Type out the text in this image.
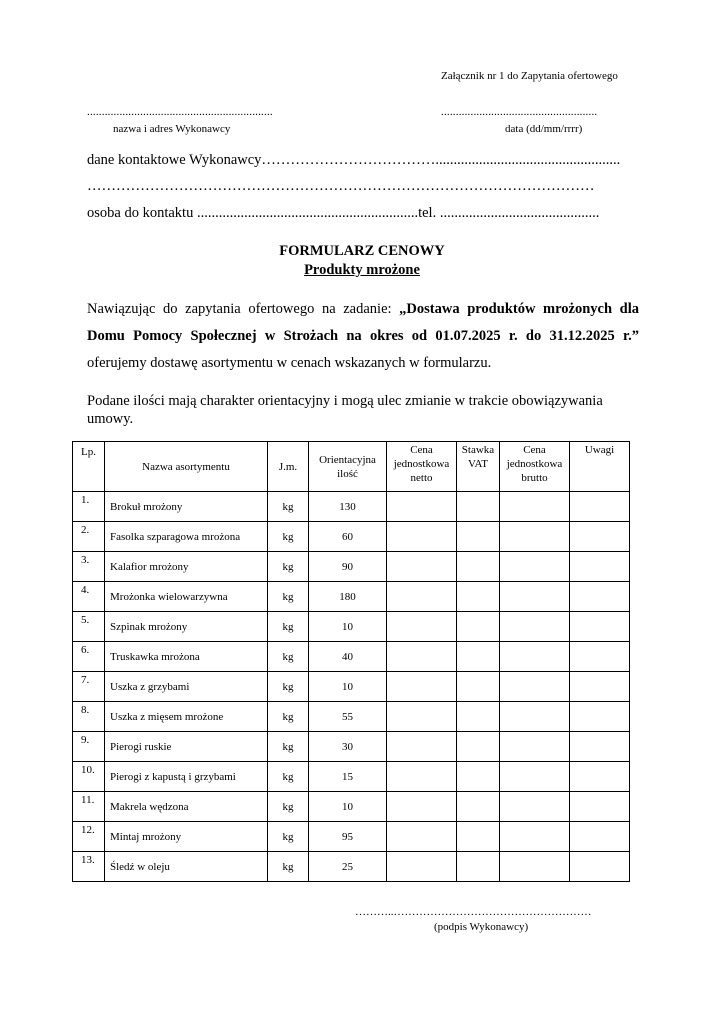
Załącznik nr 1 do Zapytania ofertowego
...............................................................	.....................................................
nazwa i adres Wykonawcy	data (dd/mm/rrrr)
dane kontaktowe Wykonawcy………………………………...................................................
……………………………………………………………………………………………
osoba do kontaktu .............................................................tel. ............................................
FORMULARZ CENOWY
Produkty mrożone
Nawiązując do zapytania ofertowego na zadanie: „Dostawa produktów mrożonych dla Domu Pomocy Społecznej w Strożach na okres od 01.07.2025 r. do 31.12.2025 r.” oferujemy dostawę asortymentu w cenach wskazanych w formularzu.
Podane ilości mają charakter orientacyjny i mogą ulec zmianie w trakcie obowiązywania umowy.
Lp.	Nazwa asortymentu	J.m.	Orientacyjna ilość	Cena jednostkowa netto	Stawka VAT	Cena jednostkowa brutto	Uwagi
1.	Brokuł mrożony	kg	130				
2.	Fasolka szparagowa mrożona	kg	60				
3.	Kalafior mrożony	kg	90				
4.	Mrożonka wielowarzywna	kg	180				
5.	Szpinak mrożony	kg	10				
6.	Truskawka mrożona	kg	40				
7.	Uszka z grzybami	kg	10				
8.	Uszka z mięsem mrożone	kg	55				
9.	Pierogi ruskie	kg	30				
10.	Pierogi z kapustą i grzybami	kg	15				
11.	Makrela wędzona	kg	10				
12.	Mintaj mrożony	kg	95				
13.	Śledź w oleju	kg	25				
………..………………………………………………
(podpis Wykonawcy)
